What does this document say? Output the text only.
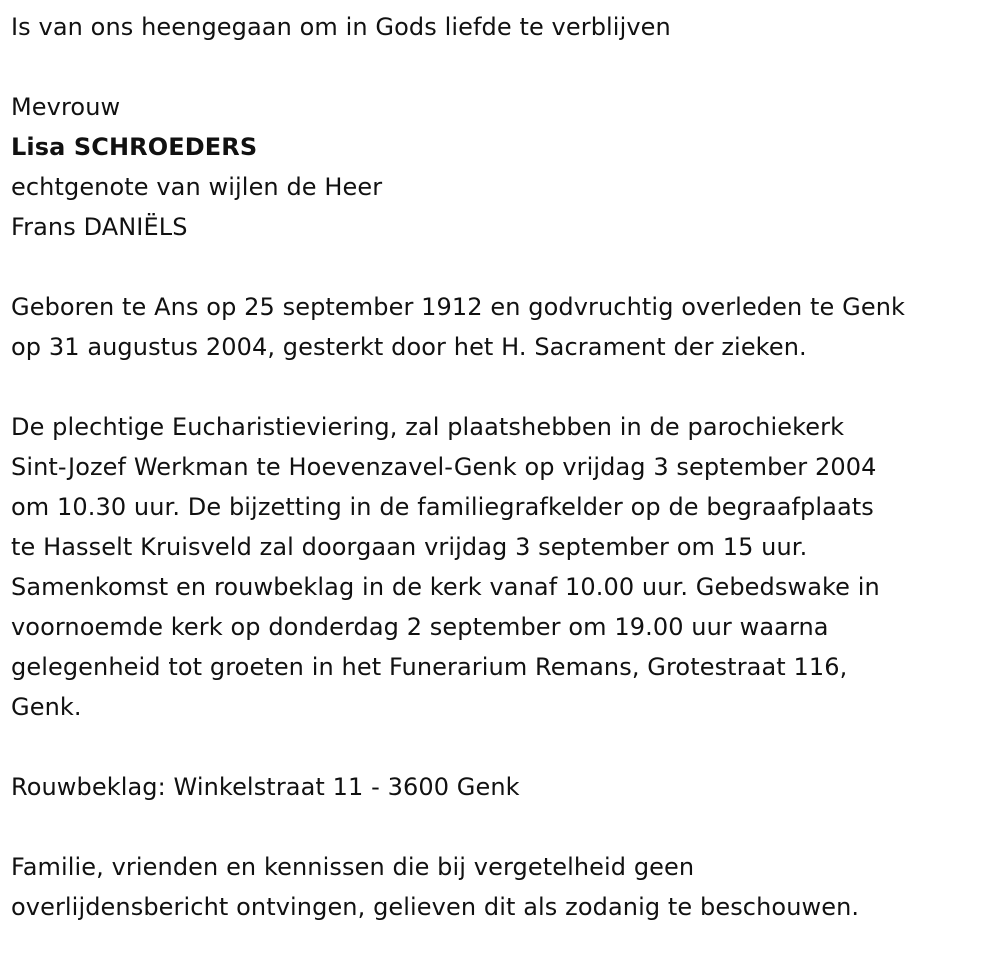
Is van ons heengegaan om in Gods liefde te verblijven
Mevrouw
Lisa SCHROEDERS
echtgenote van wijlen de Heer
Frans DANIËLS
Geboren te Ans op 25 september 1912 en godvruchtig overleden te Genk
op 31 augustus 2004, gesterkt door het H. Sacrament der zieken.
De plechtige Eucharistieviering, zal plaatshebben in de parochiekerk
Sint-Jozef Werkman te Hoevenzavel-Genk op vrijdag 3 september 2004
om 10.30 uur. De bijzetting in de familiegrafkelder op de begraafplaats
te Hasselt Kruisveld zal doorgaan vrijdag 3 september om 15 uur.
Samenkomst en rouwbeklag in de kerk vanaf 10.00 uur. Gebedswake in
voornoemde kerk op donderdag 2 september om 19.00 uur waarna
gelegenheid tot groeten in het Funerarium Remans, Grotestraat 116,
Genk.
Rouwbeklag: Winkelstraat 11 - 3600 Genk
Familie, vrienden en kennissen die bij vergetelheid geen
overlijdensbericht ontvingen, gelieven dit als zodanig te beschouwen.
